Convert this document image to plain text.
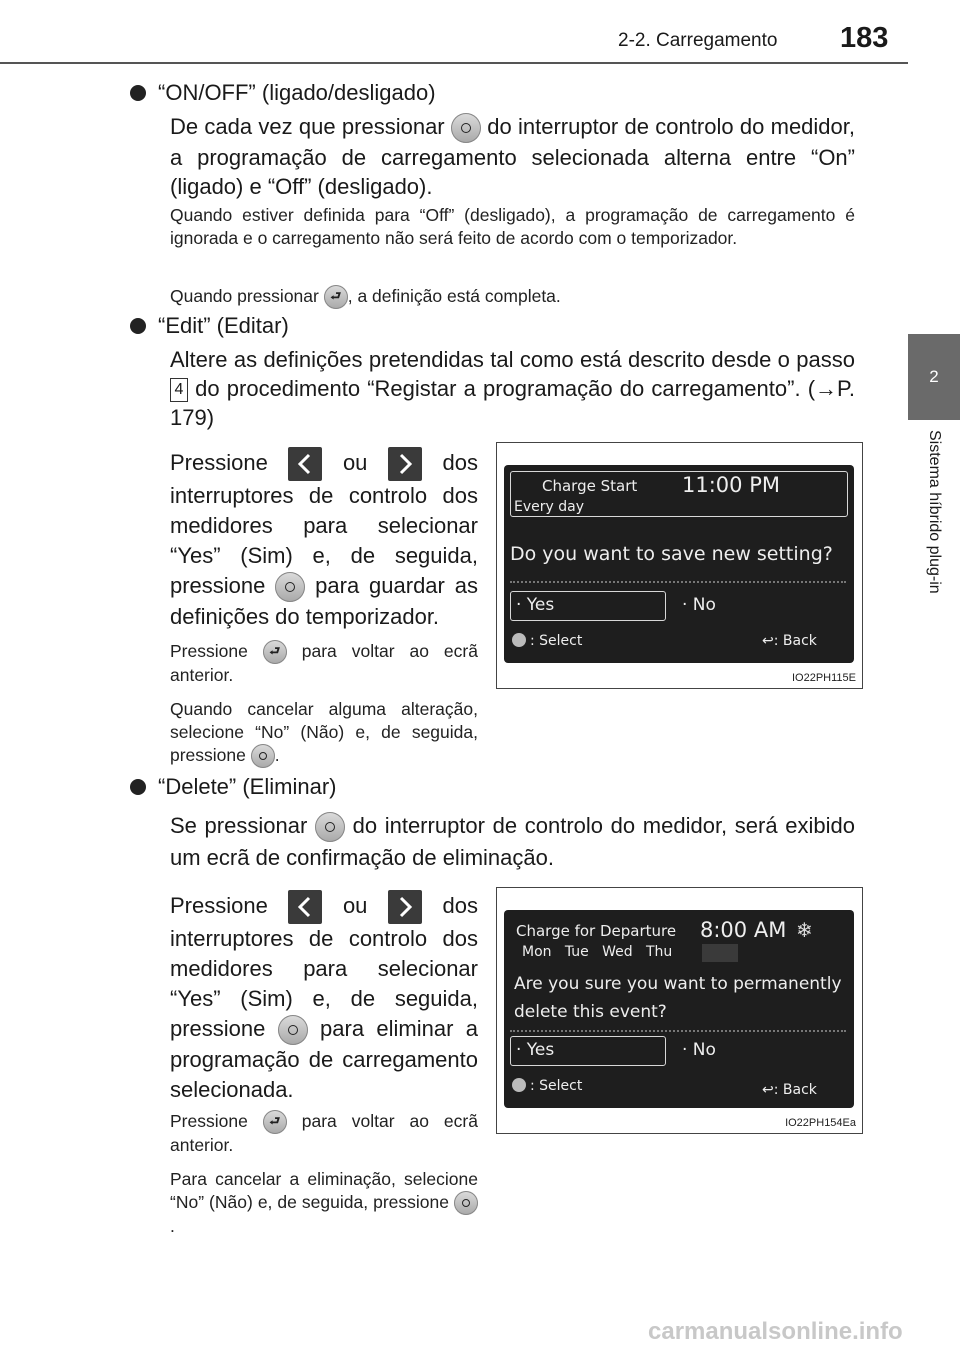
2-2. Carregamento 183
2
Sistema híbrido plug-in
“ON/OFF” (ligado/desligado)
De cada vez que pressionar do interruptor de controlo do medidor, a programação de carregamento selecionada alterna entre “On” (ligado) e “Off” (desligado).
Quando estiver definida para “Off” (desligado), a programação de carregamento é ignorada e o carregamento não será feito de acordo com o temporizador.
Quando pressionar ⮐ , a definição está completa.
“Edit” (Editar)
Altere as definições pretendidas tal como está descrito desde o passo 4 do procedimento “Registar a programação do carregamento”. (→P. 179)
Pressione	ou	dos interruptores de controlo dos medidores para selecionar “Yes” (Sim) e, de seguida, pressione para guardar as definições do temporizador.
Pressione ⮐ para voltar ao ecrã anterior.
Quando cancelar alguma alteração, selecione “No” (Não) e, de seguida, pressione .
Charge Start 11:00 PM
Every day
Do you want to save new setting?
· Yes	· No
: Select	↩: Back
IO22PH115E
“Delete” (Eliminar)
Se pressionar do interruptor de controlo do medidor, será exibido um ecrã de confirmação de eliminação.
Pressione	ou	dos interruptores de controlo dos medidores para selecionar “Yes” (Sim) e, de seguida, pressione para eliminar a programação de carregamento selecionada.
Pressione ⮐ para voltar ao ecrã anterior.
Para cancelar a eliminação, selecione “No” (Não) e, de seguida, pressione
.
Charge for Departure 8:00 AM ❄
Mon   Tue   Wed   Thu
Are you sure you want to permanently
delete this event?
· Yes	· No
: Select	↩: Back
IO22PH154Ea
carmanualsonline.info
